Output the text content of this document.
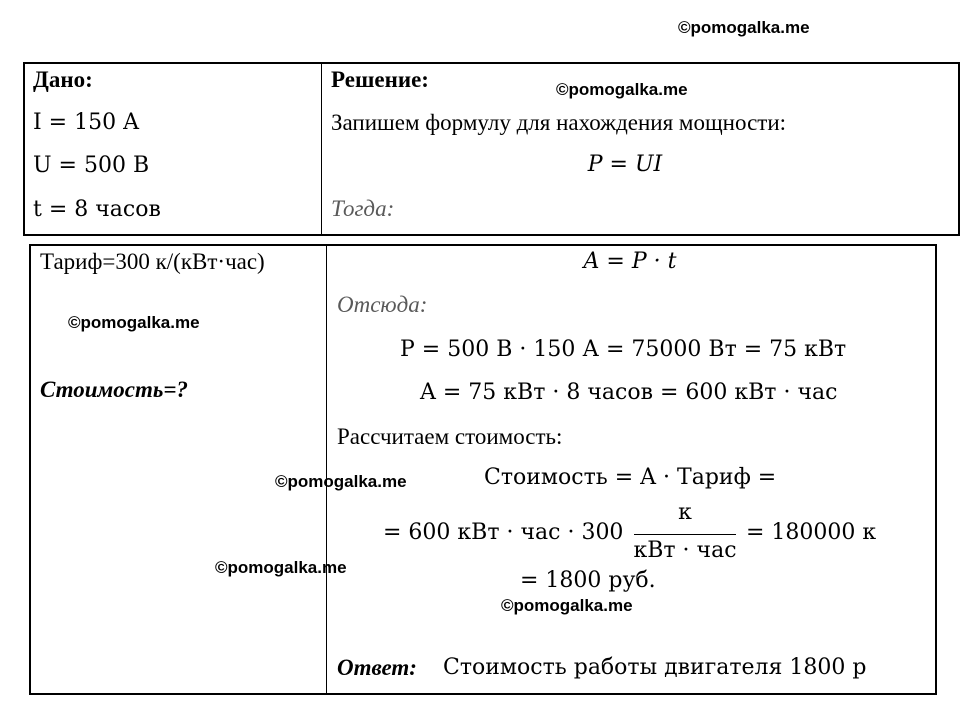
©pomogalka.me
©pomogalka.me
©pomogalka.me
©pomogalka.me
©pomogalka.me
©pomogalka.me
Дано:
I = 150 A
U = 500 В
t = 8 часов
Тариф=300 к/(кВт·час)
Стоимость=?
Решение:
Запишем формулу для нахождения мощности:
P = UI
Тогда:
A = P · t
Отсюда:
P = 500 В · 150 А = 75000 Вт = 75 кВт
A = 75 кВт · 8 часов = 600 кВт · час
Рассчитаем стоимость:
Стоимость = A · Тариф =
= 600 кВт · час · 300
к
кВт · час
= 180000 к
= 1800 руб.
Ответ: Стоимость работы двигателя 1800 р
